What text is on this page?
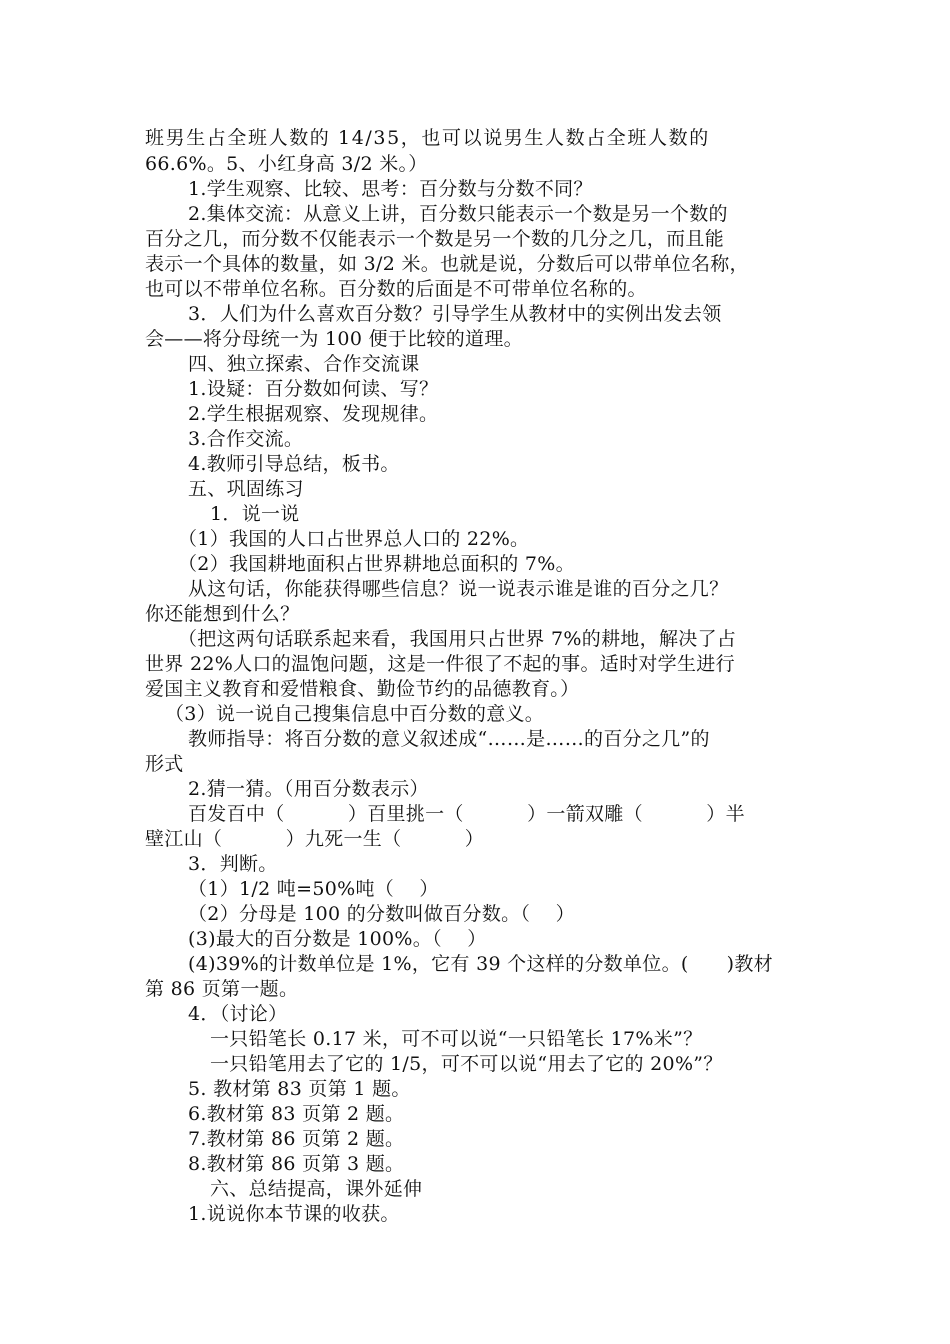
班男生占全班人数的 14/35，也可以说男生人数占全班人数的
66.6%。5、小红身高 3/2 米。）
1.学生观察、比较、思考：百分数与分数不同？
2.集体交流：从意义上讲，百分数只能表示一个数是另一个数的
百分之几，而分数不仅能表示一个数是另一个数的几分之几，而且能
表示一个具体的数量，如 3/2 米。也就是说，分数后可以带单位名称，
也可以不带单位名称。百分数的后面是不可带单位名称的。
3．人们为什么喜欢百分数？引导学生从教材中的实例出发去领
会——将分母统一为 100 便于比较的道理。
四、独立探索、合作交流课
1.设疑：百分数如何读、写？
2.学生根据观察、发现规律。
3.合作交流。
4.教师引导总结，板书。
五、巩固练习
1．说一说
（1）我国的人口占世界总人口的 22%。
（2）我国耕地面积占世界耕地总面积的 7%。
从这句话，你能获得哪些信息？说一说表示谁是谁的百分之几？
你还能想到什么？
（把这两句话联系起来看，我国用只占世界 7%的耕地，解决了占
世界 22%人口的温饱问题，这是一件很了不起的事。适时对学生进行
爱国主义教育和爱惜粮食、勤俭节约的品德教育。）
（3）说一说自己搜集信息中百分数的意义。
教师指导：将百分数的意义叙述成“……是……的百分之几”的
形式
2.猜一猜。（用百分数表示）
百发百中（          ）百里挑一（          ）一箭双雕（          ）半
壁江山（          ）九死一生（          ）
3．判断。
（1）1/2 吨=50%吨（    ）
（2）分母是 100 的分数叫做百分数。（    ）
(3)最大的百分数是 100%。（    ）
(4)39%的计数单位是 1%，它有 39 个这样的分数单位。(      )教材
第 86 页第一题。
4．（讨论）
一只铅笔长 0.17 米，可不可以说“一只铅笔长 17%米”？
一只铅笔用去了它的 1/5，可不可以说“用去了它的 20%”？
5. 教材第 83 页第 1 题。
6.教材第 83 页第 2 题。
7.教材第 86 页第 2 题。
8.教材第 86 页第 3 题。
六、总结提高，课外延伸
1.说说你本节课的收获。
